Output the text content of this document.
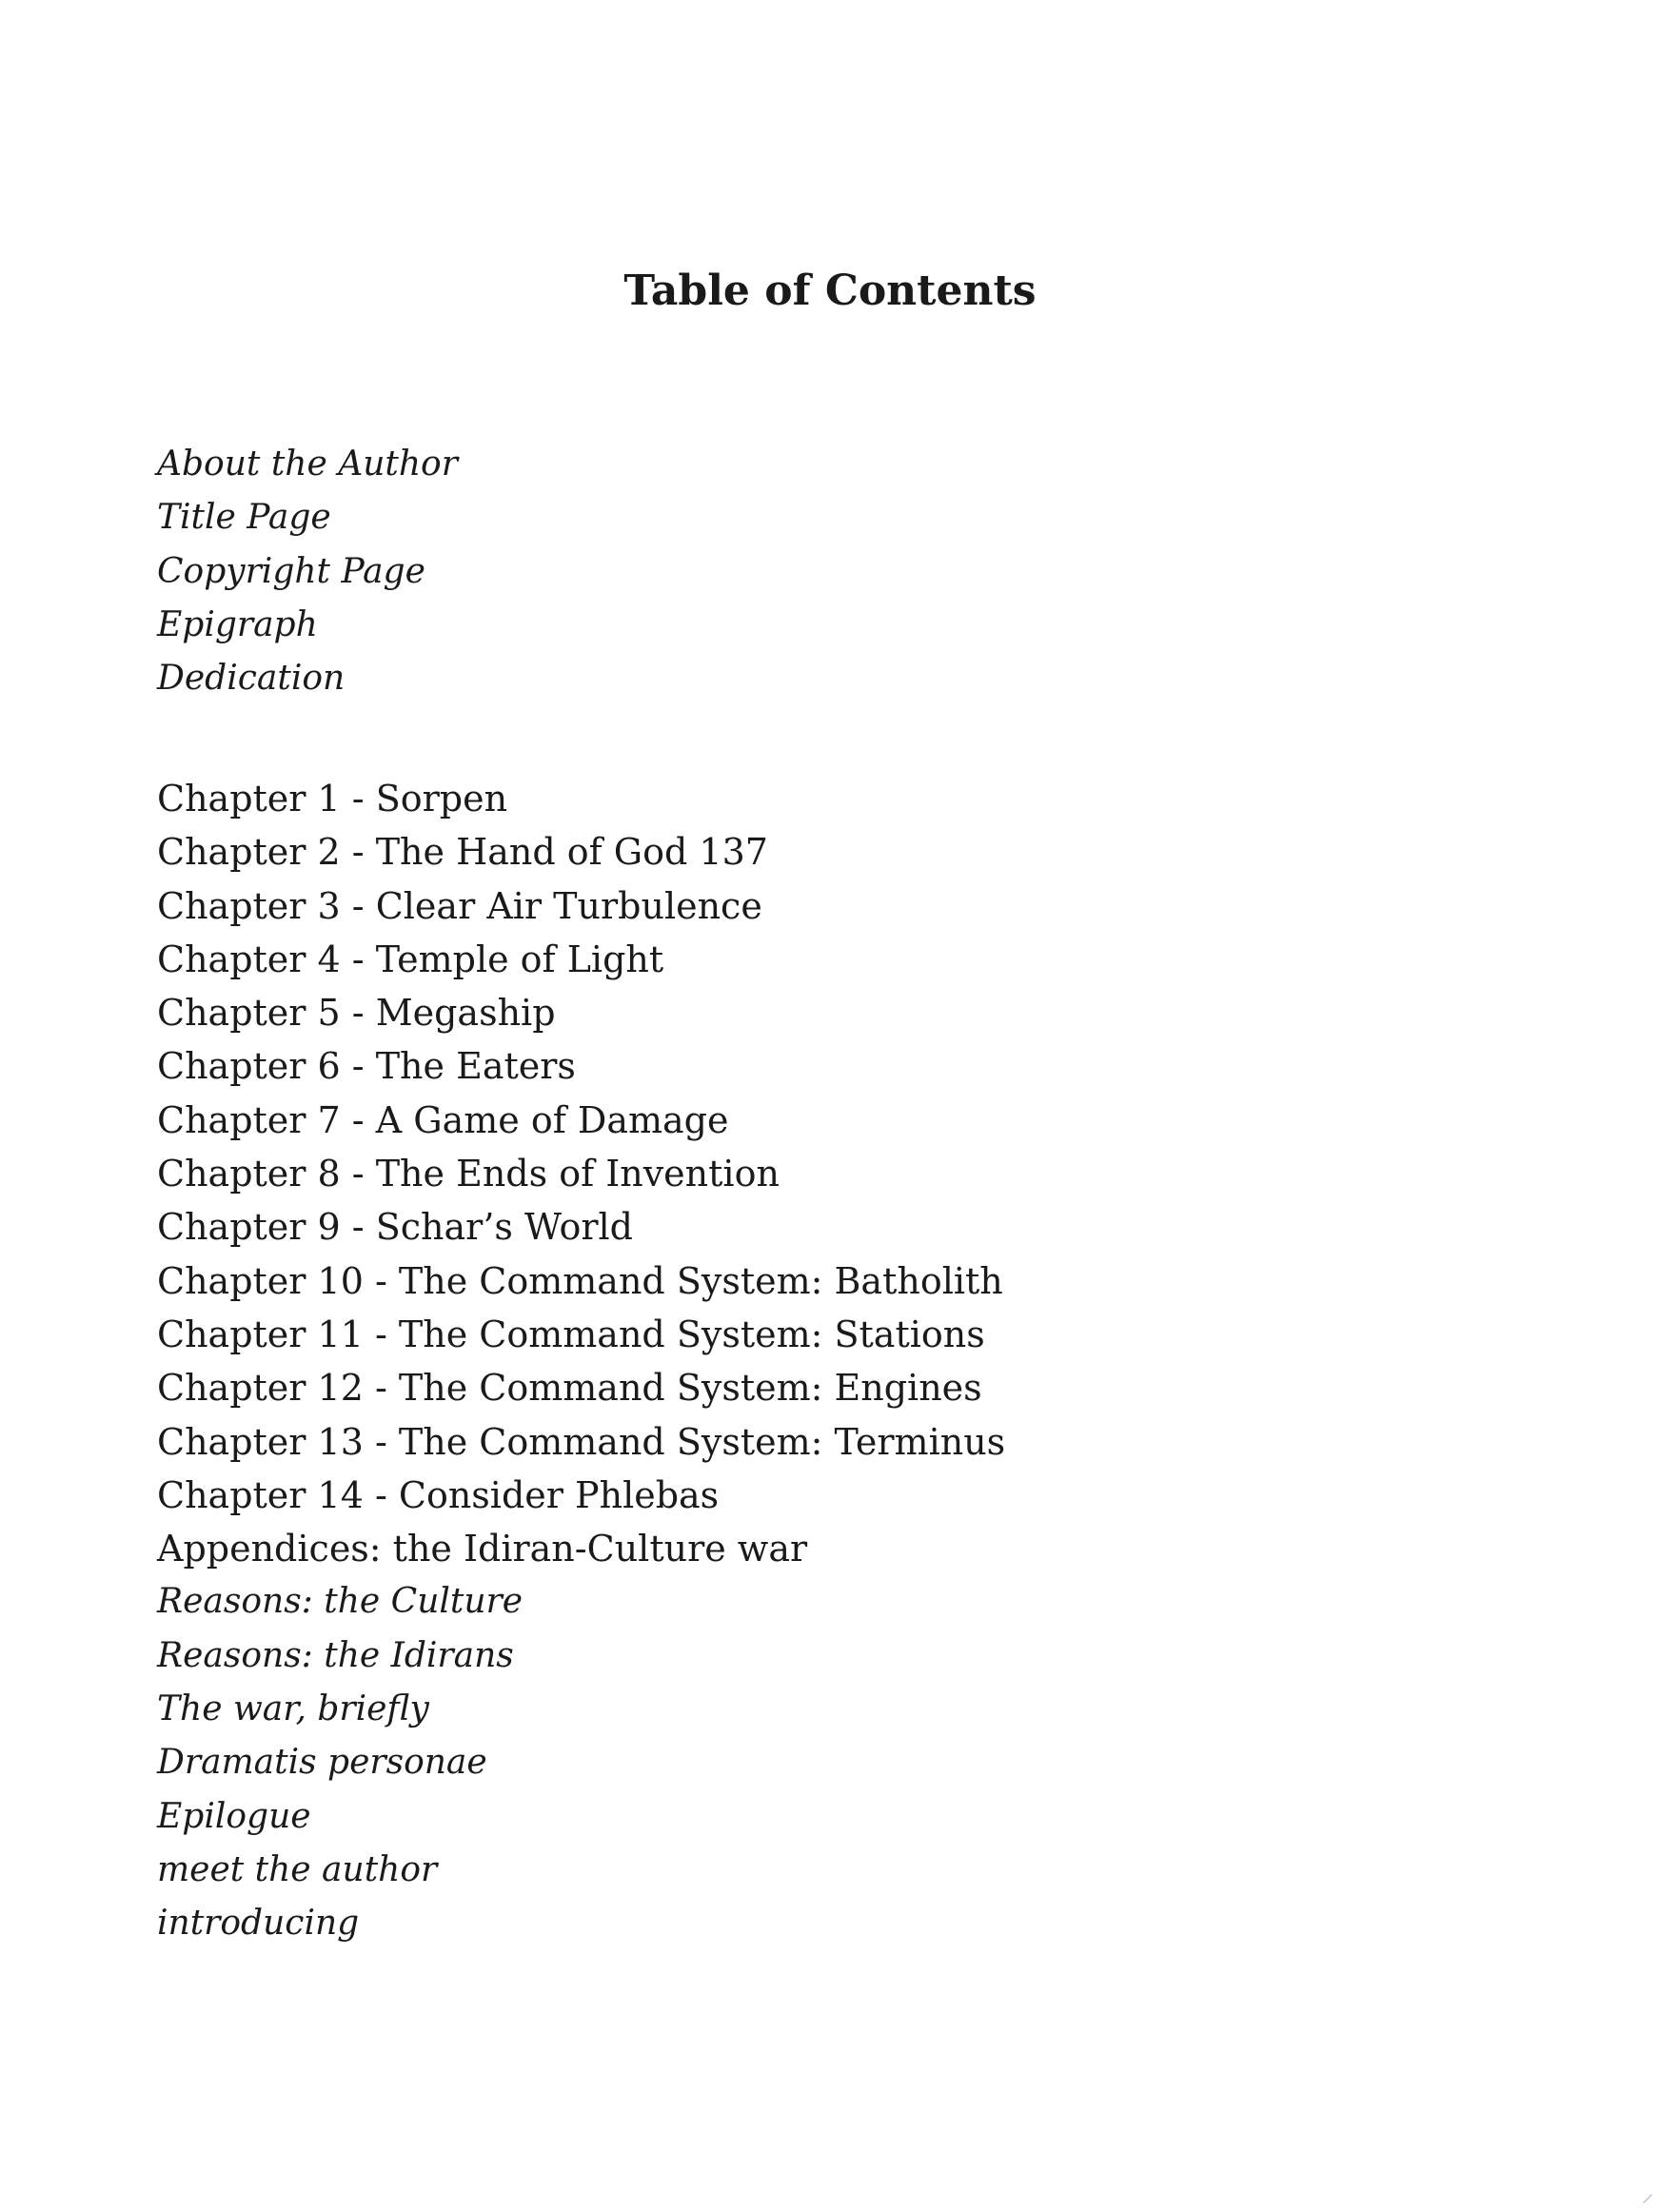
Table of Contents
About the Author
Title Page
Copyright Page
Epigraph
Dedication
Chapter 1 - Sorpen
Chapter 2 - The Hand of God 137
Chapter 3 - Clear Air Turbulence
Chapter 4 - Temple of Light
Chapter 5 - Megaship
Chapter 6 - The Eaters
Chapter 7 - A Game of Damage
Chapter 8 - The Ends of Invention
Chapter 9 - Schar’s World
Chapter 10 - The Command System: Batholith
Chapter 11 - The Command System: Stations
Chapter 12 - The Command System: Engines
Chapter 13 - The Command System: Terminus
Chapter 14 - Consider Phlebas
Appendices: the Idiran-Culture war
Reasons: the Culture
Reasons: the Idirans
The war, briefly
Dramatis personae
Epilogue
meet the author
introducing
